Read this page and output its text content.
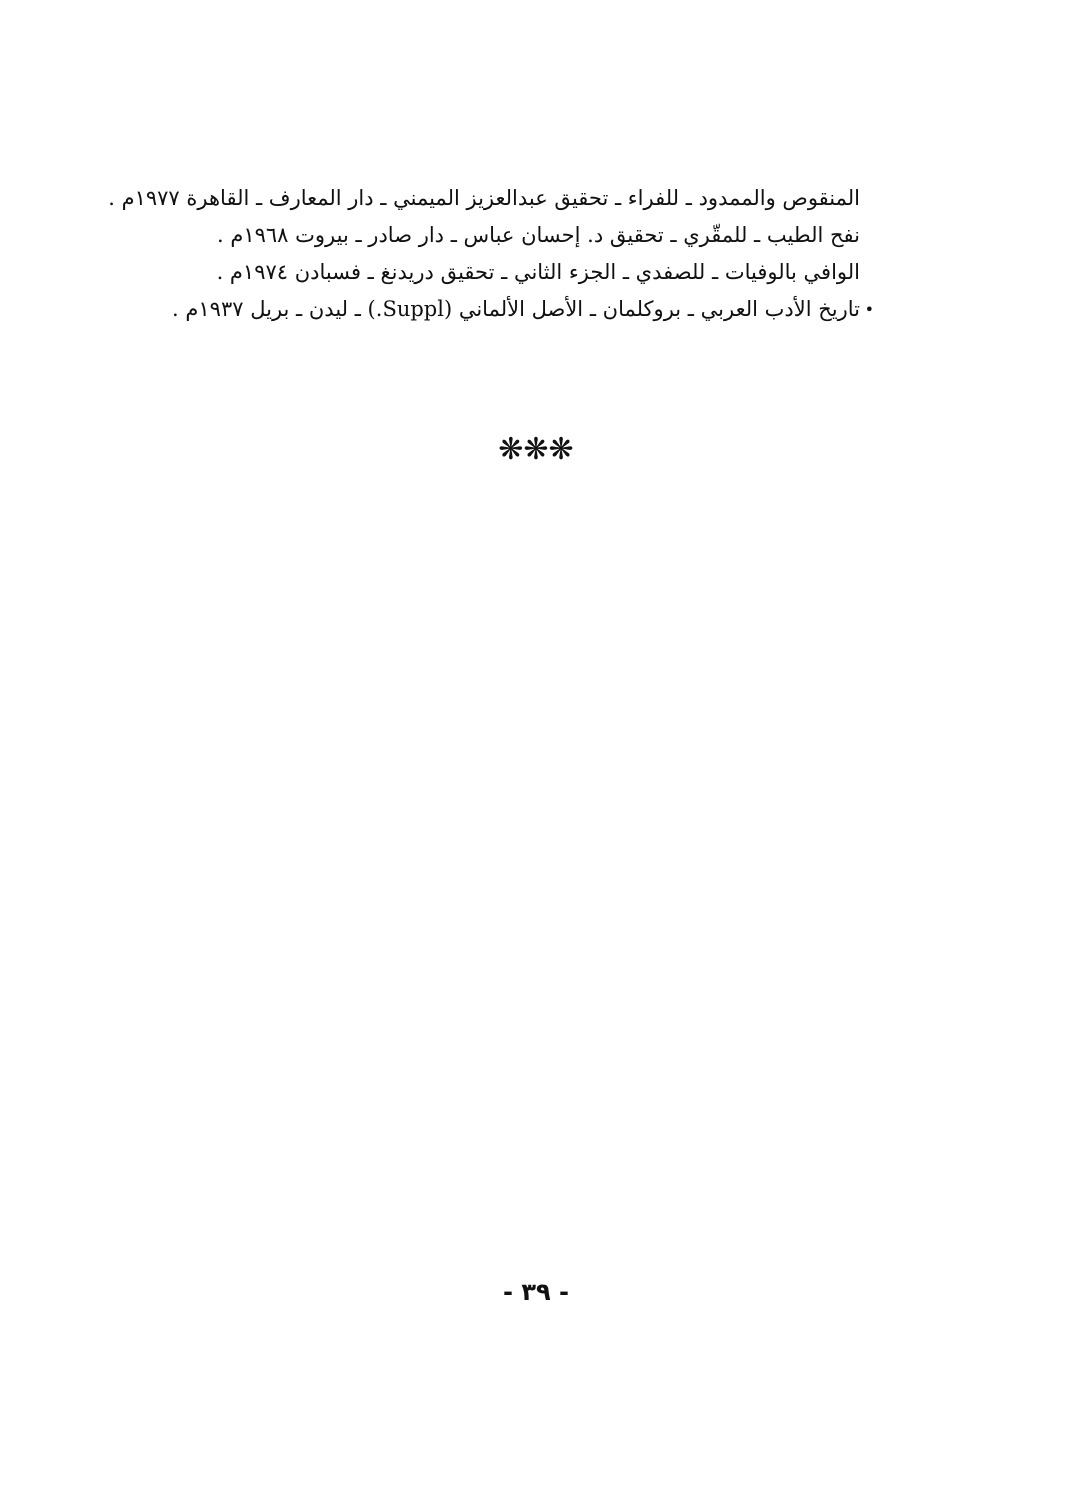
المنقوص والممدود ـ للفراء ـ تحقيق عبدالعزيز الميمني ـ دار المعارف ـ القاهرة ١٩٧٧م .
نفح الطيب ـ للمقّري ـ تحقيق د. إحسان عباس ـ دار صادر ـ بيروت ١٩٦٨م .
الوافي بالوفيات ـ للصفدي ـ الجزء الثاني ـ تحقيق دريدنغ ـ فسبادن ١٩٧٤م .
•
تاريخ الأدب العربي ـ بروكلمان ـ الأصل الألماني (Suppl.) ـ ليدن ـ بريل ١٩٣٧م .
❋❋❋
- ٣٩ -
